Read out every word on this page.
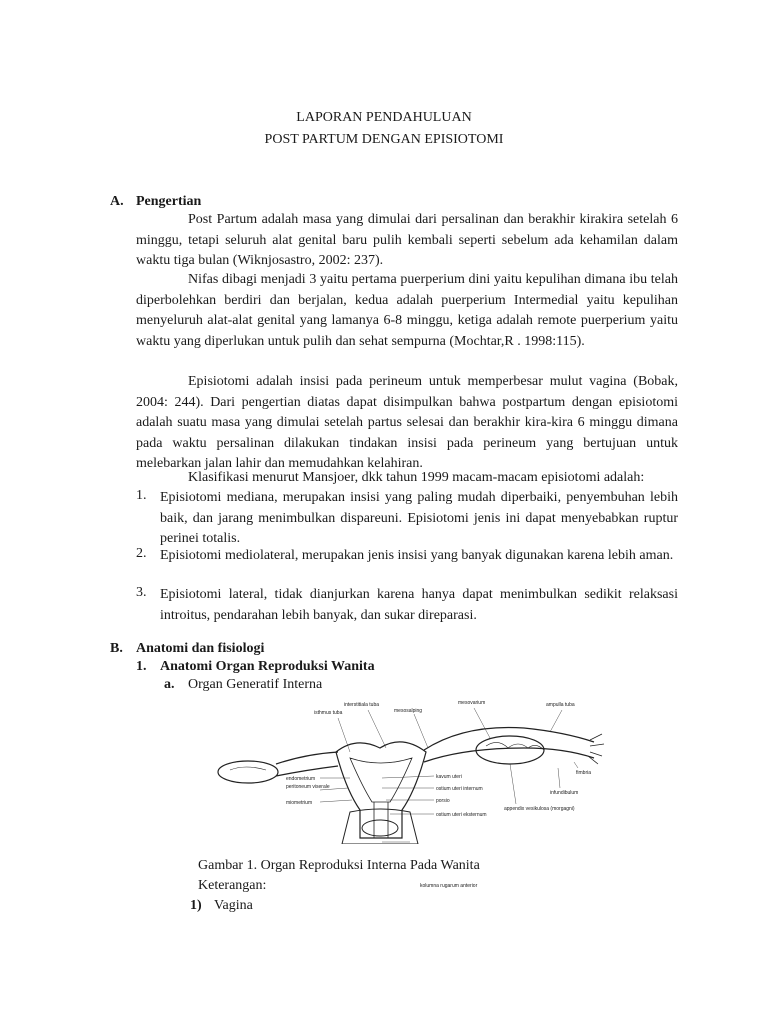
LAPORAN PENDAHULUAN
POST PARTUM DENGAN EPISIOTOMI
A. Pengertian

Post Partum adalah masa yang dimulai dari persalinan dan berakhir kirakira setelah 6 minggu, tetapi seluruh alat genital baru pulih kembali seperti sebelum ada kehamilan dalam waktu tiga bulan (Wiknjosastro, 2002: 237).

Nifas dibagi menjadi 3 yaitu pertama puerperium dini yaitu kepulihan dimana ibu telah diperbolehkan berdiri dan berjalan, kedua adalah puerperium Intermedial yaitu kepulihan menyeluruh alat-alat genital yang lamanya 6-8 minggu, ketiga adalah remote puerperium yaitu waktu yang diperlukan untuk pulih dan sehat sempurna (Mochtar,R . 1998:115).

Episiotomi adalah insisi pada perineum untuk memperbesar mulut vagina (Bobak, 2004: 244). Dari pengertian diatas dapat disimpulkan bahwa postpartum dengan episiotomi adalah suatu masa yang dimulai setelah partus selesai dan berakhir kira-kira 6 minggu dimana pada waktu persalinan dilakukan tindakan insisi pada perineum yang bertujuan untuk melebarkan jalan lahir dan memudahkan kelahiran.

Klasifikasi menurut Mansjoer, dkk tahun 1999 macam-macam episiotomi adalah:

1. Episiotomi mediana, merupakan insisi yang paling mudah diperbaiki, penyembuhan lebih baik, dan jarang menimbulkan dispareuni. Episiotomi jenis ini dapat menyebabkan ruptur perinei totalis.

2. Episiotomi mediolateral, merupakan jenis insisi yang banyak digunakan karena lebih aman.

3. Episiotomi lateral, tidak dianjurkan karena hanya dapat menimbulkan sedikit relaksasi introitus, pendarahan lebih banyak, dan sukar direparasi.

B. Anatomi dan fisiologi
1. Anatomi Organ Reproduksi Wanita
a. Organ Generatif Interna
interstitiala tuba
isthmus tuba	mesosalping
mesovarium	ampulla tuba
endometrium
peritoneum viserale
miometrium
kavum uteri
ostium uteri internum
porsio
ostium uteri eksternum
appendix vesikulosa (morgagni)
fimbria
infundibulum
Gambar 1. Organ Reproduksi Interna Pada Wanita
kolumna rugarum anterior
Keterangan:
1) Vagina
